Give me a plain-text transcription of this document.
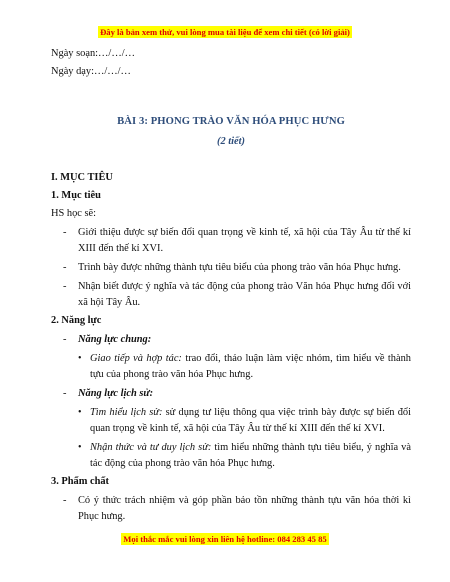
Đây là bản xem thử, vui lòng mua tài liệu để xem chi tiết (có lời giải)

Ngày soạn:…/…/…

Ngày dạy:…/…/…

BÀI 3: PHONG TRÀO VĂN HÓA PHỤC HƯNG

(2 tiết)

I. MỤC TIÊU

1. Mục tiêu

HS học sẽ:

- Giới thiệu được sự biến đổi quan trọng về kinh tế, xã hội của Tây Âu từ thế kỉ XIII đến thế kỉ XVI.
- Trình bày được những thành tựu tiêu biểu của phong trào văn hóa Phục hưng.
- Nhận biết được ý nghĩa và tác động của phong trào Văn hóa Phục hưng đối với xã hội Tây Âu.

2. Năng lực

- Năng lực chung:
• Giao tiếp và hợp tác: trao đổi, thảo luận làm việc nhóm, tìm hiểu về thành tựu của phong trào văn hóa Phục hưng.
- Năng lực lịch sử:
• Tìm hiểu lịch sử: sử dụng tư liệu thông qua việc trình bày được sự biến đổi quan trọng về kinh tế, xã hội của Tây Âu từ thế kỉ XIII đến thế kỉ XVI.
• Nhận thức và tư duy lịch sử: tìm hiểu những thành tựu tiêu biểu, ý nghĩa và tác động của phong trào văn hóa Phục hưng.

3. Phẩm chất

- Có ý thức trách nhiệm và góp phần bảo tồn những thành tựu văn hóa thời kì Phục hưng.
Mọi thắc mắc vui lòng xin liên hệ hotline: 084 283 45 85
